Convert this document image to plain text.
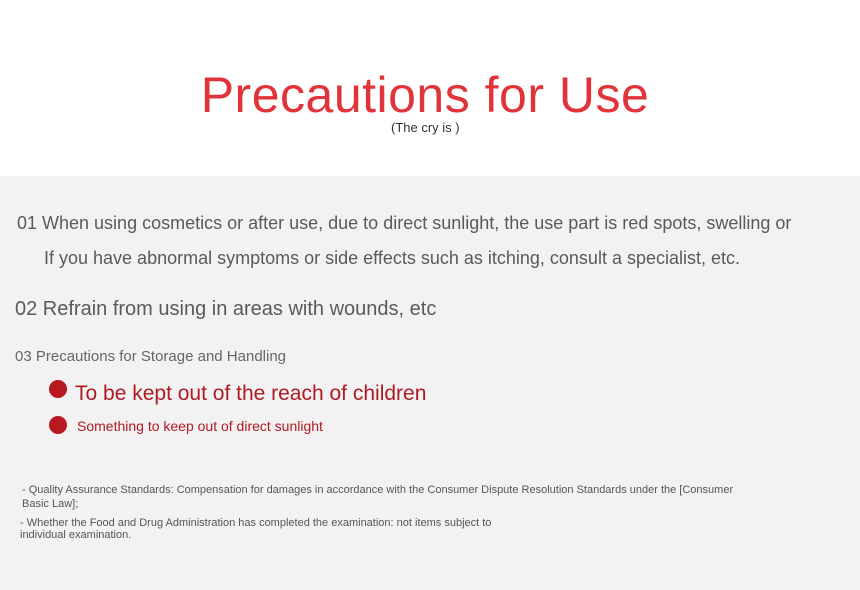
Precautions for Use
(The cry is )
01 When using cosmetics or after use, due to direct sunlight, the use part is red spots, swelling or
If you have abnormal symptoms or side effects such as itching, consult a specialist, etc.
02 Refrain from using in areas with wounds, etc
03 Precautions for Storage and Handling
To be kept out of the reach of children
Something to keep out of direct sunlight
- Quality Assurance Standards: Compensation for damages in accordance with the Consumer Dispute Resolution Standards under the [Consumer Basic Law];
- Whether the Food and Drug Administration has completed the examination: not items subject to individual examination.
